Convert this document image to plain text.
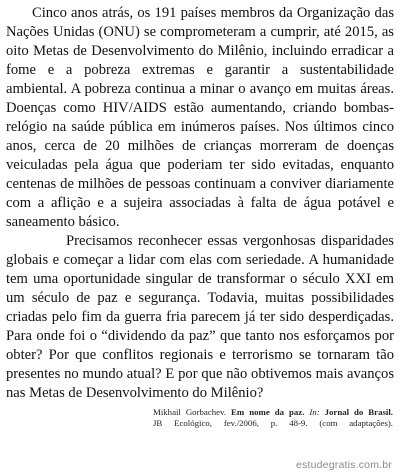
Cinco anos atrás, os 191 países membros da Organização das Nações Unidas (ONU) se comprometeram a cumprir, até 2015, as oito Metas de Desenvolvimento do Milênio, incluindo erradicar a fome e a pobreza extremas e garantir a sustentabilidade ambiental. A pobreza continua a minar o avanço em muitas áreas. Doenças como HIV/AIDS estão aumentando, criando bombas-relógio na saúde pública em inúmeros países. Nos últimos cinco anos, cerca de 20 milhões de crianças morreram de doenças veiculadas pela água que poderiam ter sido evitadas, enquanto centenas de milhões de pessoas continuam a conviver diariamente com a aflição e a sujeira associadas à falta de água potável e saneamento básico.

Precisamos reconhecer essas vergonhosas disparidades globais e começar a lidar com elas com seriedade. A humanidade tem uma oportunidade singular de transformar o século XXI em um século de paz e segurança. Todavia, muitas possibilidades criadas pelo fim da guerra fria parecem já ter sido desperdiçadas. Para onde foi o “dividendo da paz” que tanto nos esforçamos por obter? Por que conflitos regionais e terrorismo se tornaram tão presentes no mundo atual? E por que não obtivemos mais avanços nas Metas de Desenvolvimento do Milênio?

Mikhail Gorbachev. Em nome da paz. In: Jornal do Brasil.
JB Ecológico, fev./2006, p. 48-9. (com adaptações).
estudegratis.com.br
